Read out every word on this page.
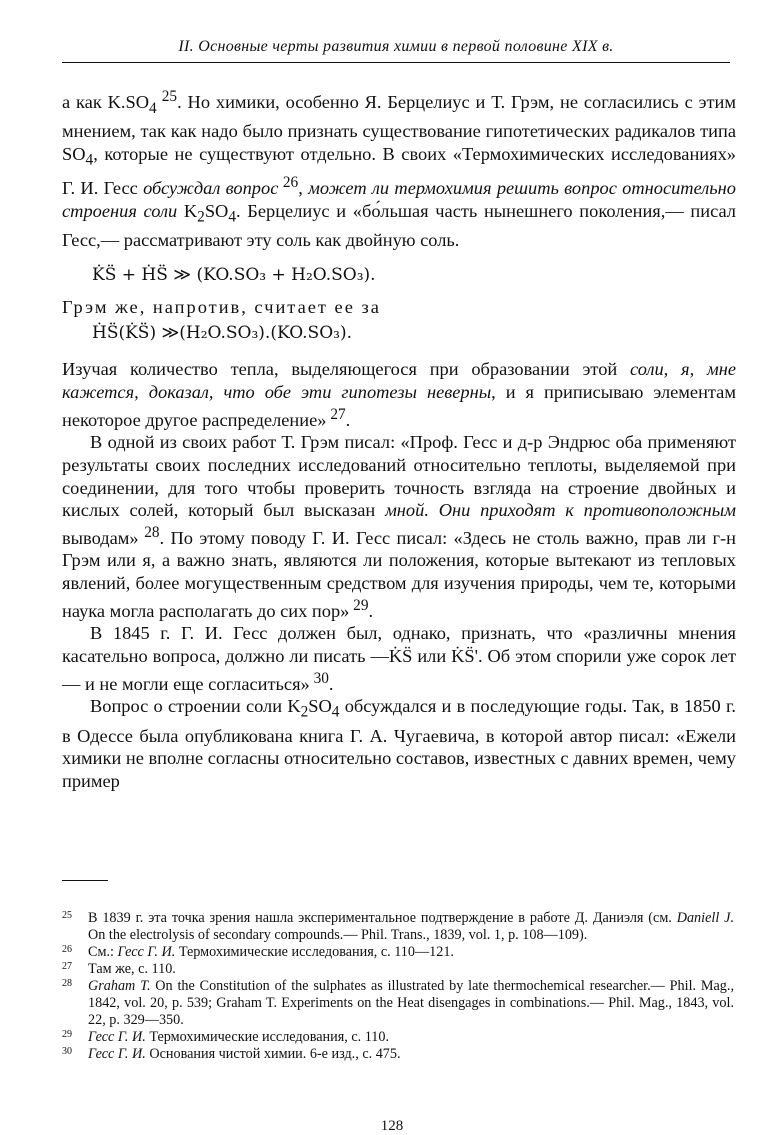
II. Основные черты развития химии в первой половине XIX в.

а как $K.SO_4$ $^{25}$. Но химики, особенно Я. Берцелиус и Т. Грэм, не согласились с этим мнением, так как надо было признать существование гипотетических радикалов типа $SO_4$, которые не существуют отдельно. В своих «Термохимических исследованиях» Г. И. Гесс обсуждал вопрос $^{26}$, может ли термохимия решить вопрос относительно строения соли $K_2SO_4$. Берцелиус и «бо́льшая часть нынешнего поколения,— писал Гесс,— рассматривают эту соль как двойную соль.

K̇S̈ + ḢS̈ ≫ (KO.SO₃ + H₂O.SO₃).

Грэм же, напротив, считает ее за

ḢS̈(K̇S̈) ≫(H₂O.SO₃).(KO.SO₃).

Изучая количество тепла, выделяющегося при образовании этой соли, я, мне кажется, доказал, что обе эти гипотезы неверны, и я приписываю элементам некоторое другое распределение» $^{27}$.

В одной из своих работ Т. Грэм писал: «Проф. Гесс и д-р Эндрюс оба применяют результаты своих последних исследований относительно теплоты, выделяемой при соединении, для того чтобы проверить точность взгляда на строение двойных и кислых солей, который был высказан мной. Они приходят к противоположным выводам» $^{28}$. По этому поводу Г. И. Гесс писал: «Здесь не столь важно, прав ли г-н Грэм или я, а важно знать, являются ли положения, которые вытекают из тепловых явлений, более могущественным средством для изучения природы, чем те, которыми наука могла располагать до сих пор» $^{29}$.

В 1845 г. Г. И. Гесс должен был, однако, признать, что «различны мнения касательно вопроса, должно ли писать —K̇S̈ или K̇S̈'. Об этом спорили уже сорок лет — и не могли еще согласиться» $^{30}$.

Вопрос о строении соли $K_2SO_4$ обсуждался и в последующие годы. Так, в 1850 г. в Одессе была опубликована книга Г. А. Чугаевича, в которой автор писал: «Ежели химики не вполне согласны относительно составов, известных с давних времен, чему пример

25 В 1839 г. эта точка зрения нашла экспериментальное подтверждение в работе Д. Даниэля (см. Daniell J. On the electrolysis of secondary compounds.— Phil. Trans., 1839, vol. 1, p. 108—109).

26 См.: Гесс Г. И. Термохимические исследования, с. 110—121.

27 Там же, с. 110.

28 Graham T. On the Constitution of the sulphates as illustrated by late thermochemical researcher.— Phil. Mag., 1842, vol. 20, p. 539; Graham T. Experiments on the Heat disengages in combinations.— Phil. Mag., 1843, vol. 22, p. 329—350.

29 Гесс Г. И. Термохимические исследования, с. 110.

30 Гесс Г. И. Основания чистой химии. 6-е изд., с. 475.

128
